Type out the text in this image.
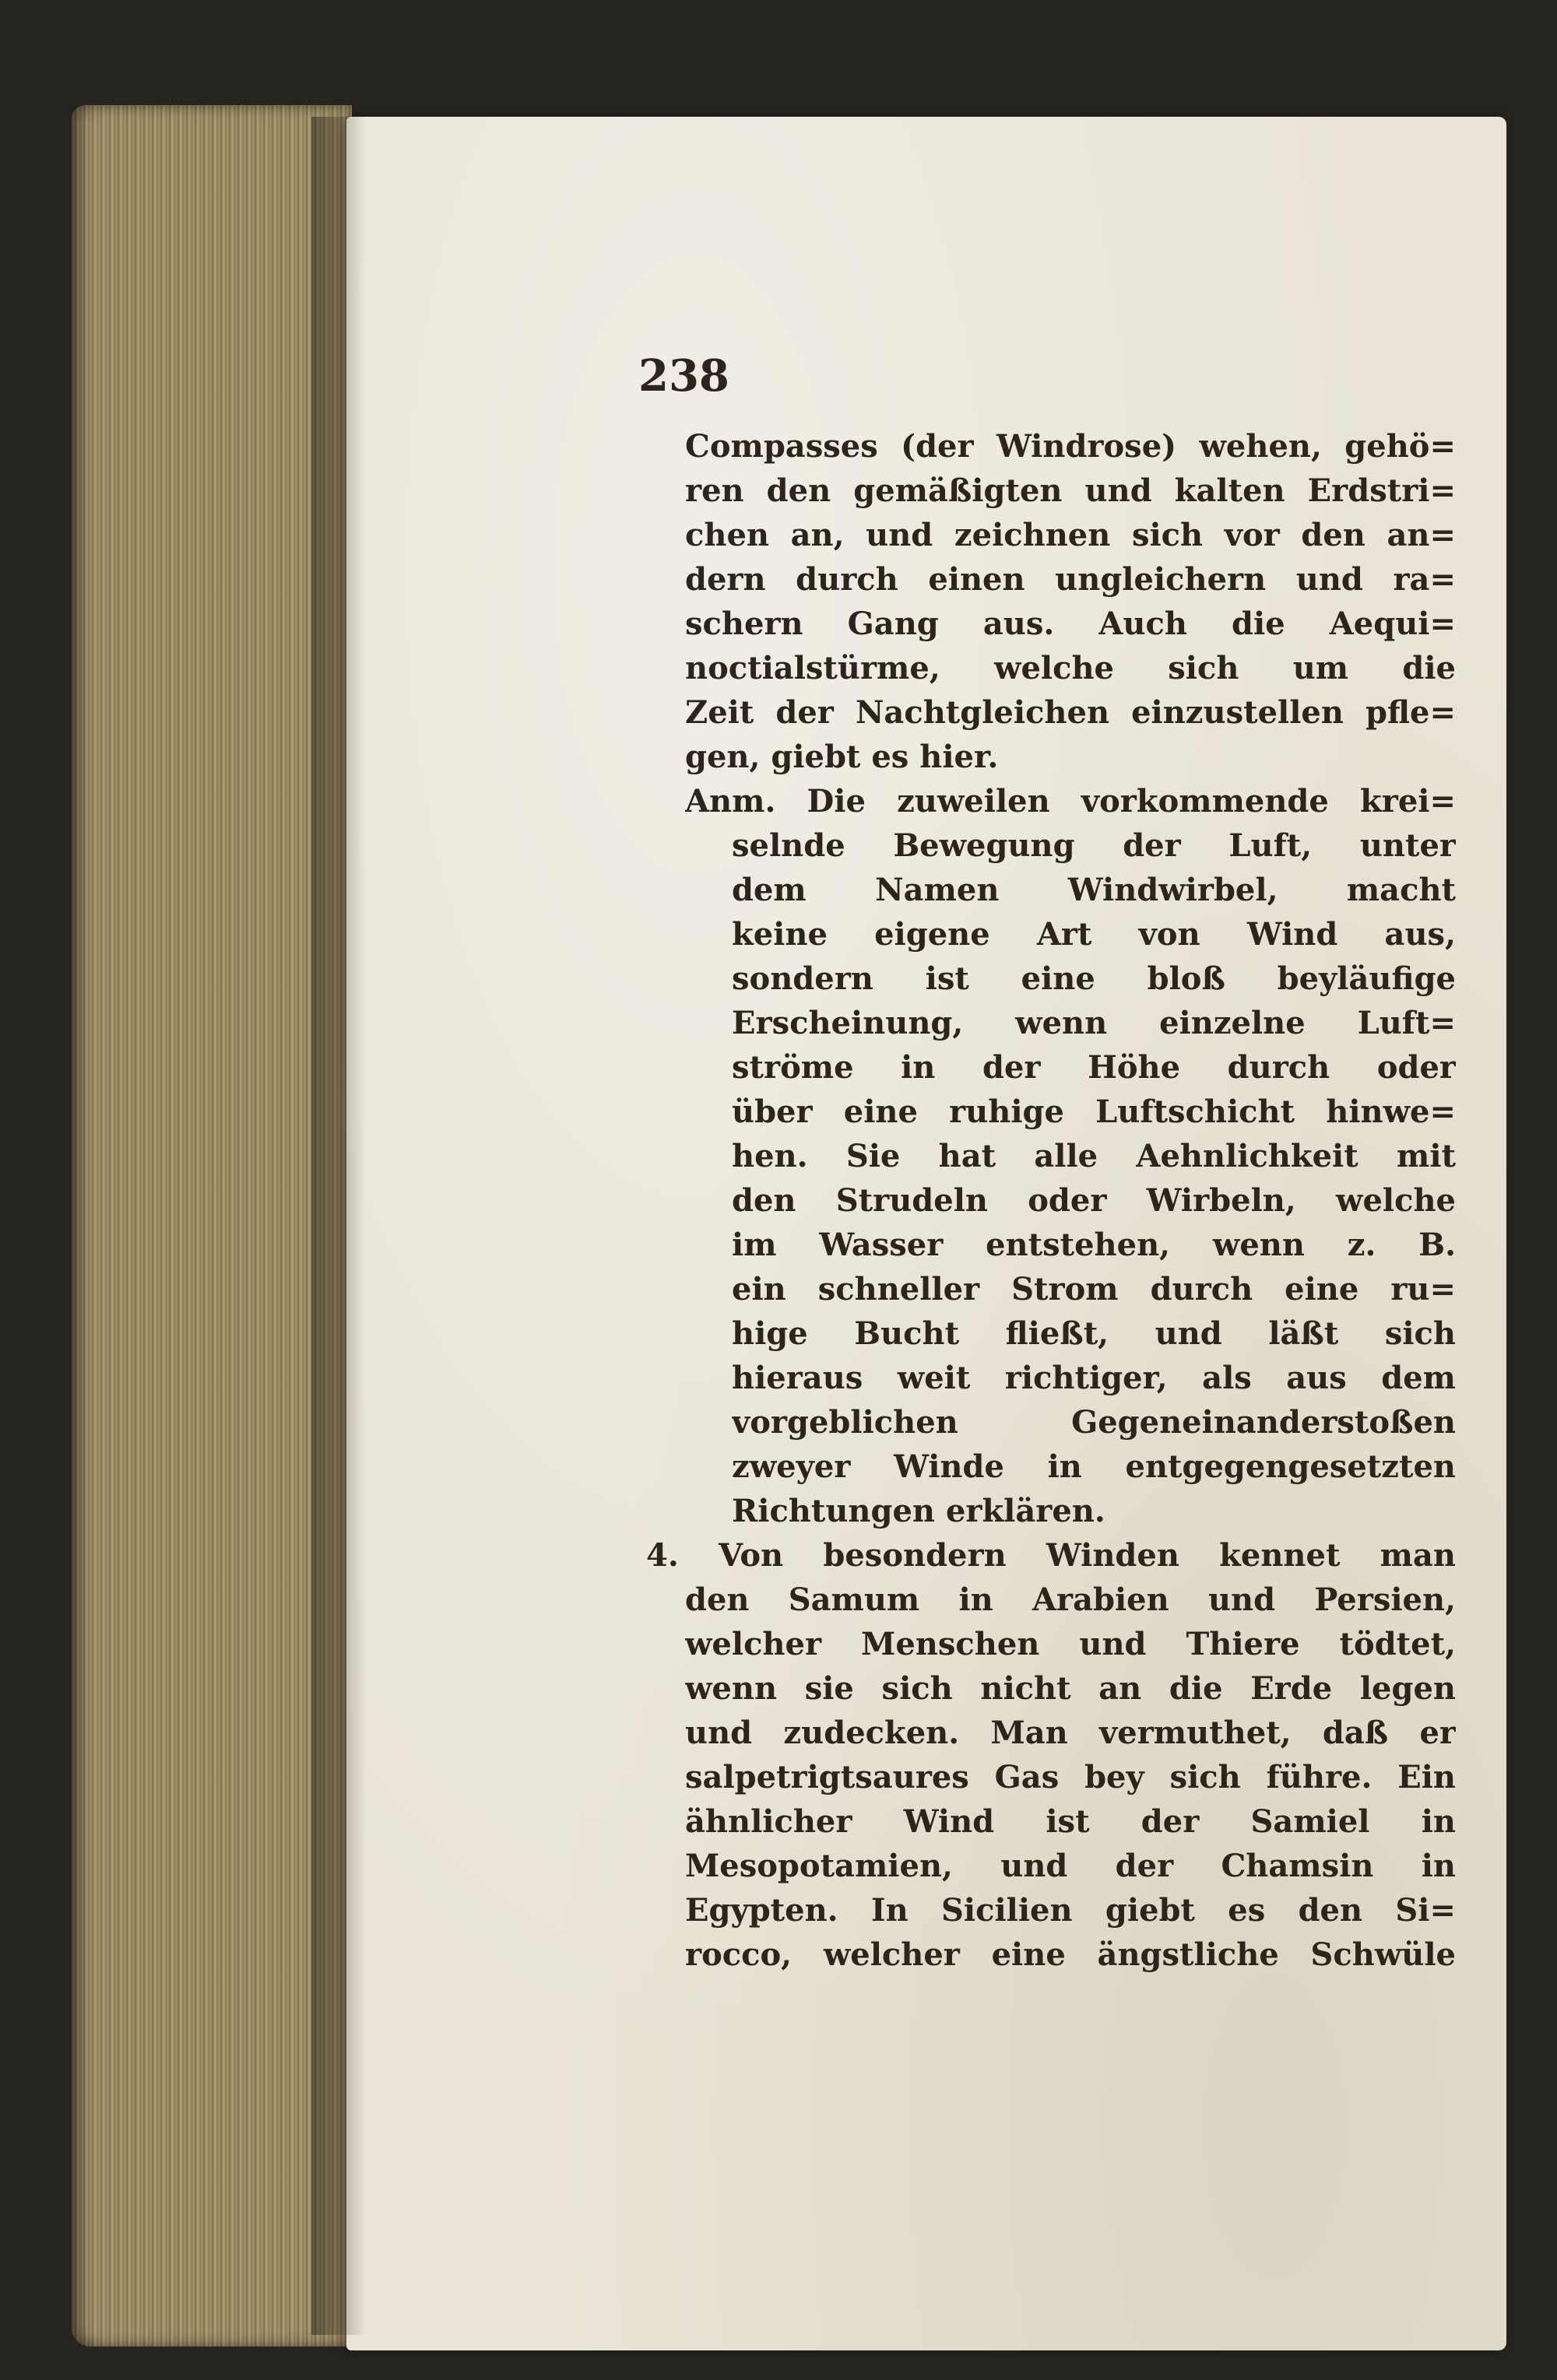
238
Compasses (der Windrose) wehen, gehö=
ren den gemäßigten und kalten Erdstri=
chen an, und zeichnen sich vor den an=
dern durch einen ungleichern und ra=
schern Gang aus. Auch die Aequi=
noctialstürme, welche sich um die
Zeit der Nachtgleichen einzustellen pfle=
gen, giebt es hier.
Anm. Die zuweilen vorkommende krei=
selnde Bewegung der Luft, unter
dem Namen Windwirbel, macht
keine eigene Art von Wind aus,
sondern ist eine bloß beyläufige
Erscheinung, wenn einzelne Luft=
ströme in der Höhe durch oder
über eine ruhige Luftschicht hinwe=
hen. Sie hat alle Aehnlichkeit mit
den Strudeln oder Wirbeln, welche
im Wasser entstehen, wenn z. B.
ein schneller Strom durch eine ru=
hige Bucht fließt, und läßt sich
hieraus weit richtiger, als aus dem
vorgeblichen Gegeneinanderstoßen
zweyer Winde in entgegengesetzten
Richtungen erklären.
4. Von besondern Winden kennet man
den Samum in Arabien und Persien,
welcher Menschen und Thiere tödtet,
wenn sie sich nicht an die Erde legen
und zudecken. Man vermuthet, daß er
salpetrigtsaures Gas bey sich führe. Ein
ähnlicher Wind ist der Samiel in
Mesopotamien, und der Chamsin in
Egypten. In Sicilien giebt es den Si=
rocco, welcher eine ängstliche Schwüle
